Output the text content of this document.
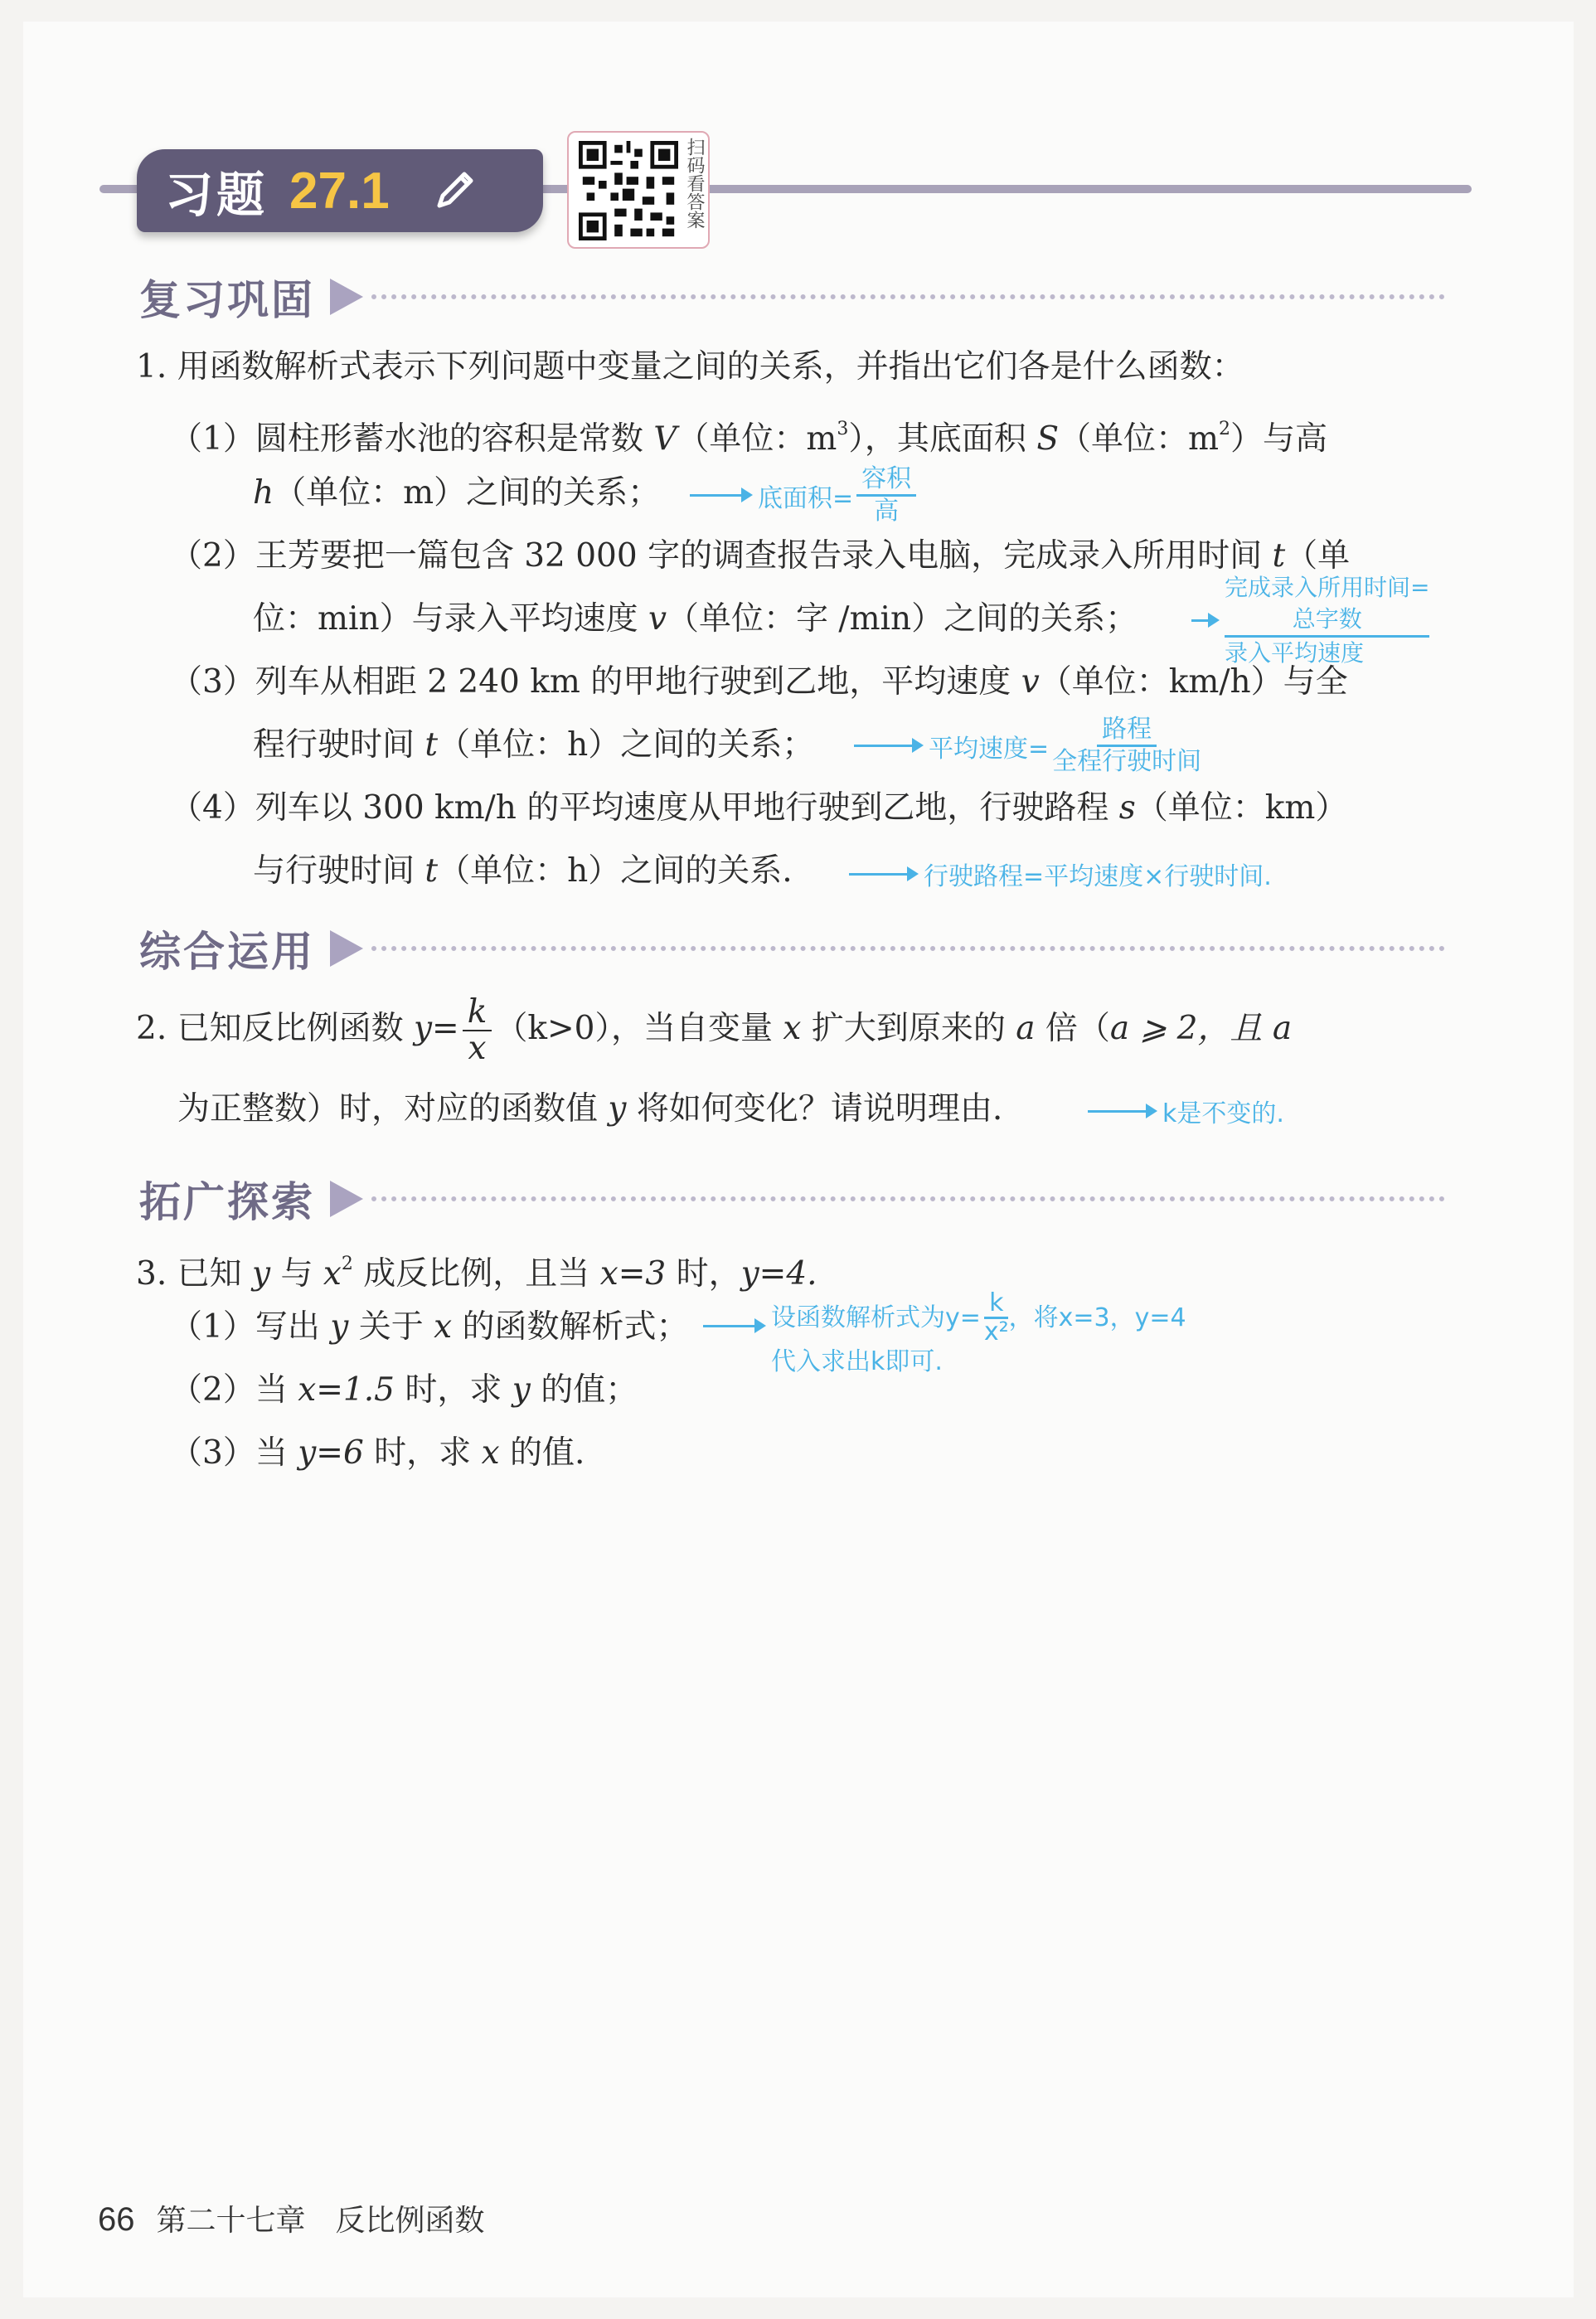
习题 27.1	扫码看答案
复习巩固
1. 用函数解析式表示下列问题中变量之间的关系，并指出它们各是什么函数：
（1）圆柱形蓄水池的容积是常数 V（单位：$m^3$），其底面积 S（单位：$m^2$）与高
h（单位：m）之间的关系；	底面积= $\frac{\text{容积}}{\text{高}}$
（2）王芳要把一篇包含 32 000 字的调查报告录入电脑，完成录入所用时间 t（单
位：min）与录入平均速度 v（单位：字 /min）之间的关系；
完成录入所用时间=
总字数
录入平均速度
（3）列车从相距 2 240 km 的甲地行驶到乙地，平均速度 v（单位：km/h）与全
程行驶时间 t（单位：h）之间的关系；	平均速度= $\frac{\text{路程}}{\text{全程行驶时间}}$
（4）列车以 300 km/h 的平均速度从甲地行驶到乙地，行驶路程 s（单位：km）
与行驶时间 t（单位：h）之间的关系.	行驶路程=平均速度×行驶时间.
综合运用
2. 已知反比例函数 $y= \frac{k}{x} (k>0)$，当自变量 x 扩大到原来的 a 倍（a ⩾ 2，且 a
为正整数）时，对应的函数值 y 将如何变化？请说明理由.	k是不变的.
拓广探索
3. 已知 y 与 $x^2$ 成反比例，且当 x=3 时，y=4.
（1）写出 y 关于 x 的函数解析式；	设函数解析式为$y= \frac{k}{\text{x²}}$ ，将x=3，y=4
代入求出k即可.
（2）当 x=1.5 时，求 y 的值；
（3）当 y=6 时，求 x 的值.
66 第二十七章　反比例函数
